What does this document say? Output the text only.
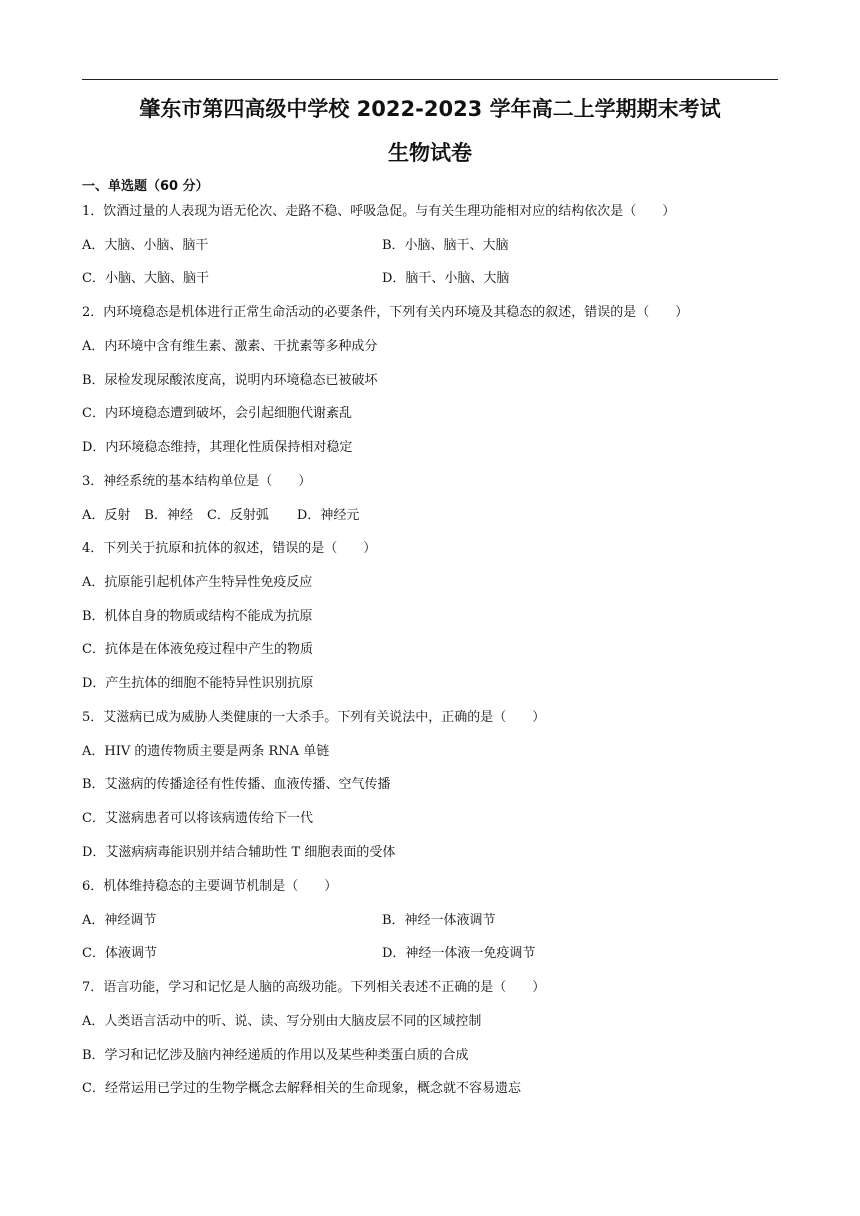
肇东市第四高级中学校 2022-2023 学年高二上学期期末考试
生物试卷
一、单选题（60 分）
1．饮酒过量的人表现为语无伦次、走路不稳、呼吸急促。与有关生理功能相对应的结构依次是（　　）
A．大脑、小脑、脑干	B．小脑、脑干、大脑
C．小脑、大脑、脑干	D．脑干、小脑、大脑
2．内环境稳态是机体进行正常生命活动的必要条件，下列有关内环境及其稳态的叙述，错误的是（　　）
A．内环境中含有维生素、激素、干扰素等多种成分
B．尿检发现尿酸浓度高，说明内环境稳态已被破坏
C．内环境稳态遭到破坏，会引起细胞代谢紊乱
D．内环境稳态维持，其理化性质保持相对稳定
3．神经系统的基本结构单位是（　　）
A．反射 B．神经 C．反射弧 D．神经元
4．下列关于抗原和抗体的叙述，错误的是（　　）
A．抗原能引起机体产生特异性免疫反应
B．机体自身的物质或结构不能成为抗原
C．抗体是在体液免疫过程中产生的物质
D．产生抗体的细胞不能特异性识别抗原
5．艾滋病已成为威胁人类健康的一大杀手。下列有关说法中，正确的是（　　）
A．HIV 的遗传物质主要是两条 RNA 单链
B．艾滋病的传播途径有性传播、血液传播、空气传播
C．艾滋病患者可以将该病遗传给下一代
D．艾滋病病毒能识别并结合辅助性 T 细胞表面的受体
6．机体维持稳态的主要调节机制是（　　）
A．神经调节	B．神经一体液调节
C．体液调节	D．神经一体液一免疫调节
7．语言功能，学习和记忆是人脑的高级功能。下列相关表述不正确的是（　　）
A．人类语言活动中的听、说、读、写分别由大脑皮层不同的区域控制
B．学习和记忆涉及脑内神经递质的作用以及某些种类蛋白质的合成
C．经常运用已学过的生物学概念去解释相关的生命现象，概念就不容易遗忘
